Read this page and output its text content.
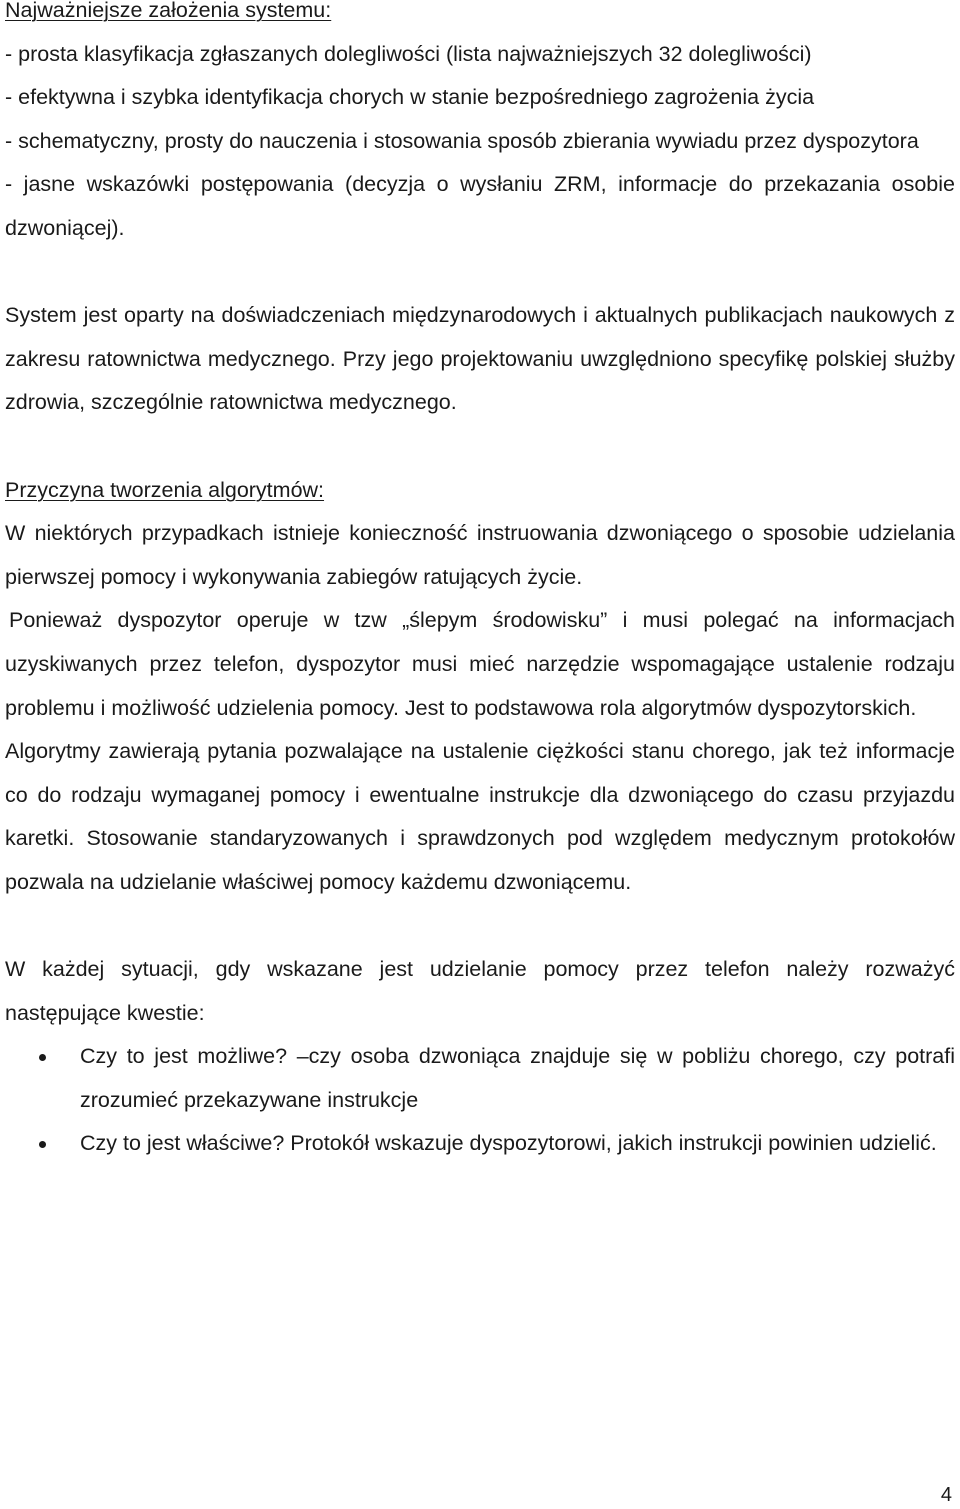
Najważniejsze założenia systemu:

- prosta klasyfikacja zgłaszanych dolegliwości (lista najważniejszych 32 dolegliwości)

- efektywna i szybka identyfikacja chorych w stanie bezpośredniego zagrożenia życia

- schematyczny, prosty do nauczenia i stosowania sposób zbierania wywiadu przez dyspozytora

- jasne wskazówki postępowania (decyzja o wysłaniu ZRM, informacje do przekazania osobie dzwoniącej).

System jest oparty na doświadczeniach międzynarodowych i aktualnych publikacjach naukowych z zakresu ratownictwa medycznego. Przy jego projektowaniu uwzględniono specyfikę polskiej służby zdrowia, szczególnie ratownictwa medycznego.

Przyczyna tworzenia algorytmów:

W niektórych przypadkach istnieje konieczność instruowania dzwoniącego o sposobie udzielania pierwszej pomocy i wykonywania zabiegów ratujących życie.

Ponieważ dyspozytor operuje w tzw „ślepym środowisku” i musi polegać na informacjach uzyskiwanych przez telefon, dyspozytor musi mieć narzędzie wspomagające ustalenie rodzaju problemu i możliwość udzielenia pomocy. Jest to podstawowa rola algorytmów dyspozytorskich.

Algorytmy zawierają pytania pozwalające na ustalenie ciężkości stanu chorego, jak też informacje co do rodzaju wymaganej pomocy i ewentualne instrukcje dla dzwoniącego do czasu przyjazdu karetki. Stosowanie standaryzowanych i sprawdzonych pod względem medycznym protokołów pozwala na udzielanie właściwej pomocy każdemu dzwoniącemu.

W każdej sytuacji, gdy wskazane jest udzielanie pomocy przez telefon należy rozważyć następujące kwestie:

Czy to jest możliwe? –czy osoba dzwoniąca znajduje się w pobliżu chorego, czy potrafi zrozumieć przekazywane instrukcje
Czy to jest właściwe? Protokół wskazuje dyspozytorowi, jakich instrukcji powinien udzielić.
4
